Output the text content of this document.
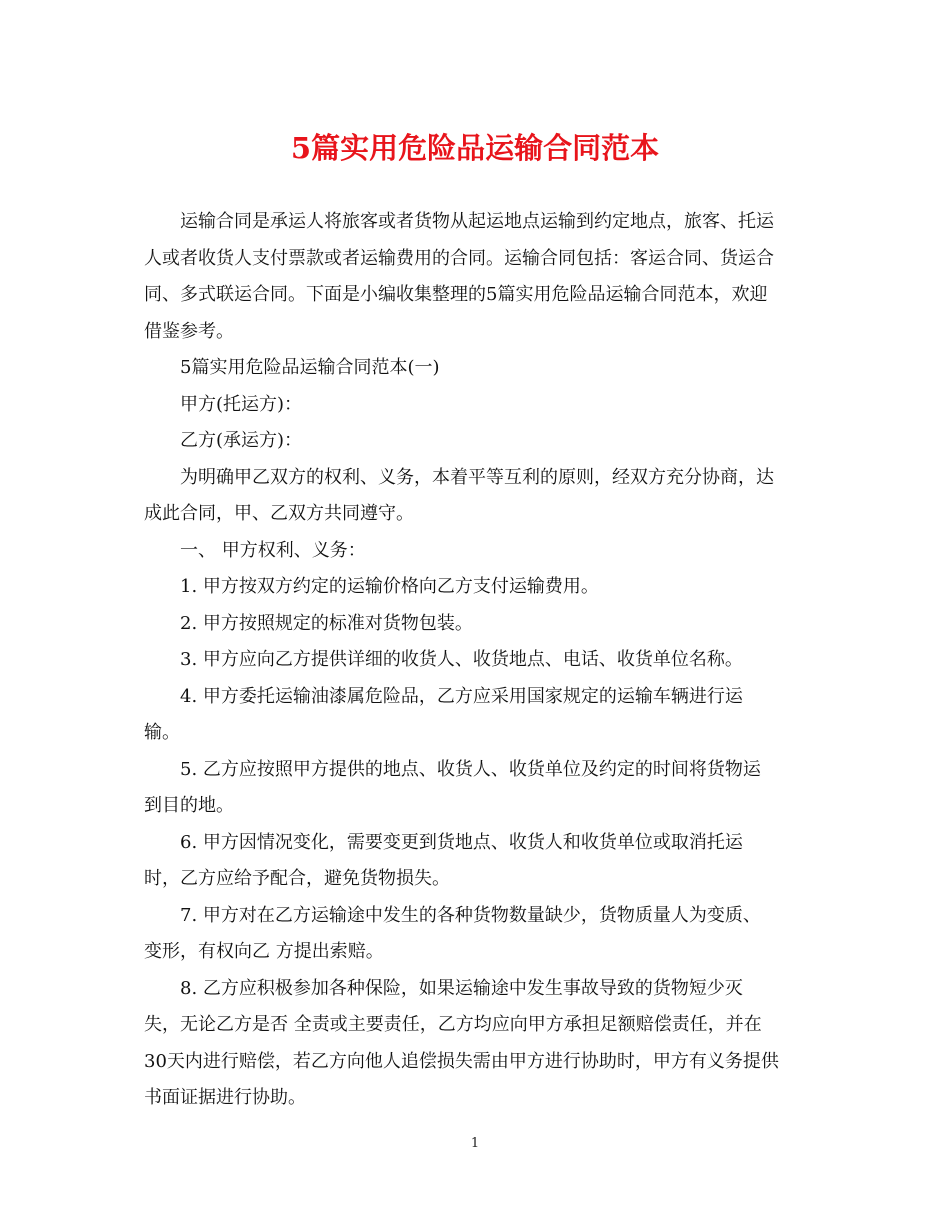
5篇实用危险品运输合同范本
运输合同是承运人将旅客或者货物从起运地点运输到约定地点，旅客、托运
人或者收货人支付票款或者运输费用的合同。运输合同包括：客运合同、货运合
同、多式联运合同。下面是小编收集整理的5篇实用危险品运输合同范本，欢迎
借鉴参考。
5篇实用危险品运输合同范本(一)
甲方(托运方)：
乙方(承运方)：
为明确甲乙双方的权利、义务，本着平等互利的原则，经双方充分协商，达
成此合同，甲、乙双方共同遵守。
一、 甲方权利、义务：
1. 甲方按双方约定的运输价格向乙方支付运输费用。
2. 甲方按照规定的标准对货物包装。
3. 甲方应向乙方提供详细的收货人、收货地点、电话、收货单位名称。
4. 甲方委托运输油漆属危险品，乙方应采用国家规定的运输车辆进行运
输。
5. 乙方应按照甲方提供的地点、收货人、收货单位及约定的时间将货物运
到目的地。
6. 甲方因情况变化，需要变更到货地点、收货人和收货单位或取消托运
时，乙方应给予配合，避免货物损失。
7. 甲方对在乙方运输途中发生的各种货物数量缺少，货物质量人为变质、
变形，有权向乙 方提出索赔。
8. 乙方应积极参加各种保险，如果运输途中发生事故导致的货物短少灭
失，无论乙方是否 全责或主要责任，乙方均应向甲方承担足额赔偿责任，并在
30天内进行赔偿，若乙方向他人追偿损失需由甲方进行协助时，甲方有义务提供
书面证据进行协助。
1
